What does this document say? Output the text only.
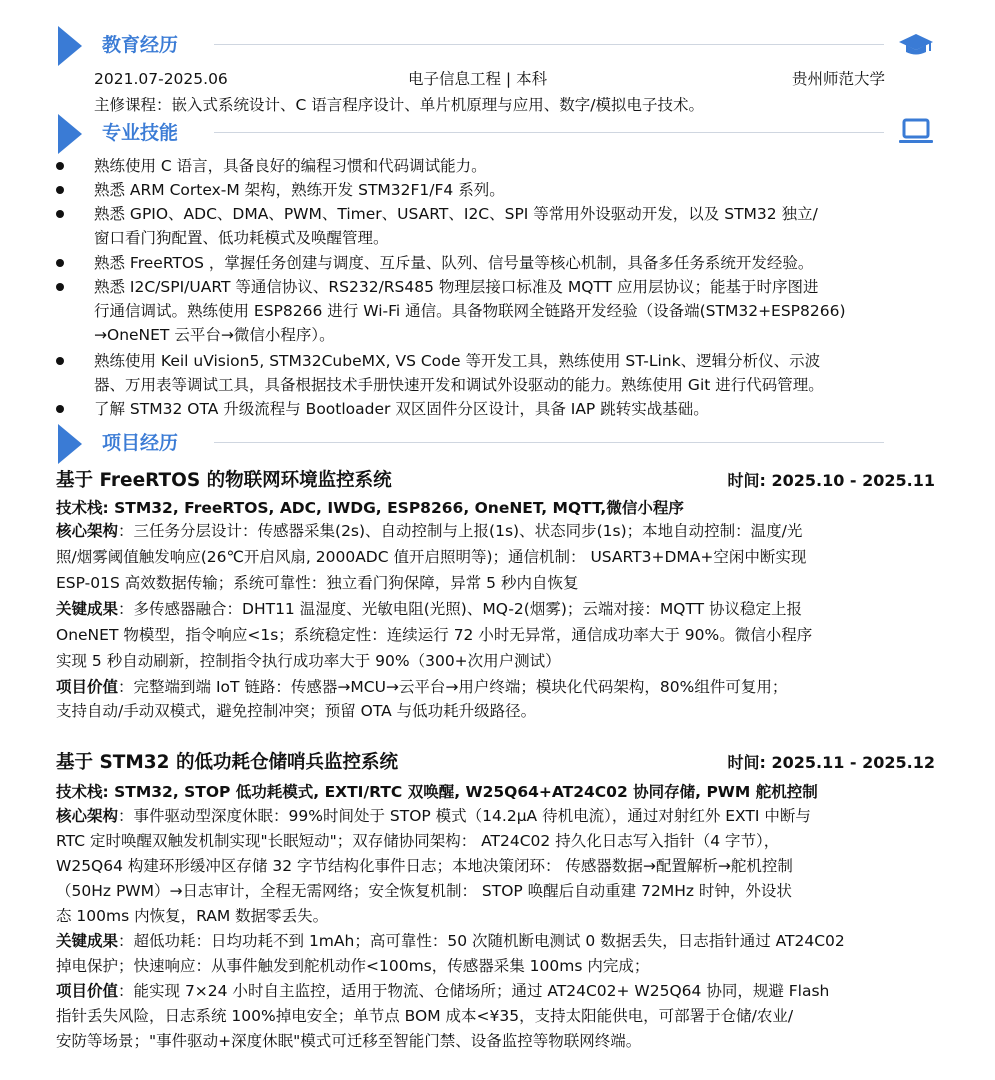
教育经历
2021.07-2025.06	电子信息工程 | 本科	贵州师范大学
主修课程：嵌入式系统设计、C 语言程序设计、单片机原理与应用、数字/模拟电子技术。
专业技能
熟练使用 C 语言，具备良好的编程习惯和代码调试能力。
熟悉 ARM Cortex-M 架构，熟练开发 STM32F1/F4 系列。
熟悉 GPIO、ADC、DMA、PWM、Timer、USART、I2C、SPI 等常用外设驱动开发，以及 STM32 独立/
窗口看门狗配置、低功耗模式及唤醒管理。
熟悉 FreeRTOS ，掌握任务创建与调度、互斥量、队列、信号量等核心机制，具备多任务系统开发经验。
熟悉 I2C/SPI/UART 等通信协议、RS232/RS485 物理层接口标准及 MQTT 应用层协议；能基于时序图进
行通信调试。熟练使用 ESP8266 进行 Wi-Fi 通信。具备物联网全链路开发经验（设备端(STM32+ESP8266)
→OneNET 云平台→微信小程序）。
熟练使用 Keil uVision5, STM32CubeMX, VS Code 等开发工具，熟练使用 ST-Link、逻辑分析仪、示波
器、万用表等调试工具，具备根据技术手册快速开发和调试外设驱动的能力。熟练使用 Git 进行代码管理。
了解 STM32 OTA 升级流程与 Bootloader 双区固件分区设计，具备 IAP 跳转实战基础。
项目经历
基于 FreeRTOS 的物联网环境监控系统	时间: 2025.10 - 2025.11
技术栈: STM32, FreeRTOS, ADC, IWDG, ESP8266, OneNET, MQTT,微信小程序
核心架构：三任务分层设计：传感器采集(2s)、自动控制与上报(1s)、状态同步(1s)；本地自动控制：温度/光
照/烟雾阈值触发响应(26℃开启风扇, 2000ADC 值开启照明等)；通信机制： USART3+DMA+空闲中断实现
ESP-01S 高效数据传输；系统可靠性：独立看门狗保障，异常 5 秒内自恢复
关键成果：多传感器融合：DHT11 温湿度、光敏电阻(光照)、MQ-2(烟雾)；云端对接：MQTT 协议稳定上报
OneNET 物模型，指令响应<1s；系统稳定性：连续运行 72 小时无异常，通信成功率大于 90%。微信小程序
实现 5 秒自动刷新，控制指令执行成功率大于 90%（300+次用户测试）
项目价值：完整端到端 IoT 链路：传感器→MCU→云平台→用户终端；模块化代码架构，80%组件可复用；
支持自动/手动双模式，避免控制冲突；预留 OTA 与低功耗升级路径。
基于 STM32 的低功耗仓储哨兵监控系统	时间: 2025.11 - 2025.12
技术栈: STM32, STOP 低功耗模式, EXTI/RTC 双唤醒, W25Q64+AT24C02 协同存储, PWM 舵机控制
核心架构：事件驱动型深度休眠：99%时间处于 STOP 模式（14.2μA 待机电流），通过对射红外 EXTI 中断与
RTC 定时唤醒双触发机制实现"长眠短动"；双存储协同架构： AT24C02 持久化日志写入指针（4 字节），
W25Q64 构建环形缓冲区存储 32 字节结构化事件日志；本地决策闭环： 传感器数据→配置解析→舵机控制
（50Hz PWM）→日志审计，全程无需网络；安全恢复机制： STOP 唤醒后自动重建 72MHz 时钟，外设状
态 100ms 内恢复，RAM 数据零丢失。
关键成果：超低功耗：日均功耗不到 1mAh；高可靠性：50 次随机断电测试 0 数据丢失，日志指针通过 AT24C02
掉电保护；快速响应：从事件触发到舵机动作<100ms，传感器采集 100ms 内完成；
项目价值：能实现 7×24 小时自主监控，适用于物流、仓储场所；通过 AT24C02+ W25Q64 协同，规避 Flash
指针丢失风险，日志系统 100%掉电安全；单节点 BOM 成本<¥35，支持太阳能供电，可部署于仓储/农业/
安防等场景；"事件驱动+深度休眠"模式可迁移至智能门禁、设备监控等物联网终端。
